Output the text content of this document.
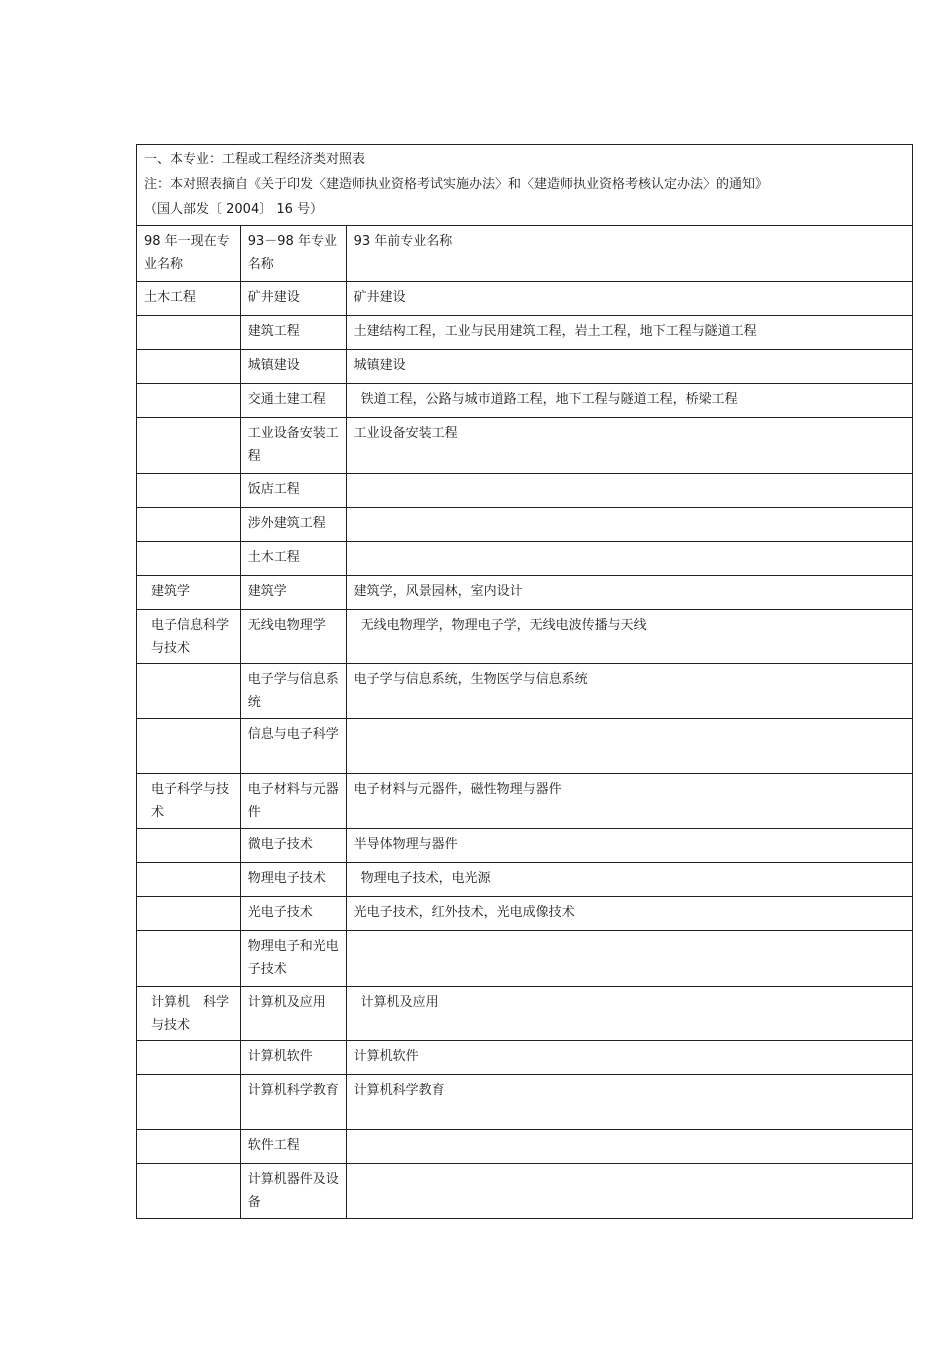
一、本专业：工程或工程经济类对照表
注：本对照表摘自《关于印发〈建造师执业资格考试实施办法〉和〈建造师执业资格考核认定办法〉的通知》
（国人部发〔 2004〕 16 号）		

98 年一现在专业名称	93－98 年专业名称	93 年前专业名称
土木工程	矿井建设	矿井建设
	建筑工程	土建结构工程，工业与民用建筑工程，岩土工程，地下工程与隧道工程
	城镇建设	城镇建设
	交通土建工程	铁道工程，公路与城市道路工程，地下工程与隧道工程，桥梁工程
	工业设备安装工程	工业设备安装工程
	饭店工程	
	涉外建筑工程	
	土木工程	
建筑学	建筑学	建筑学，风景园林，室内设计
电子信息科学与技术	无线电物理学	无线电物理学，物理电子学，无线电波传播与天线
	电子学与信息系统	电子学与信息系统，生物医学与信息系统
	信息与电子科学	
电子科学与技术	电子材料与元器件	电子材料与元器件，磁性物理与器件
	微电子技术	半导体物理与器件
	物理电子技术	物理电子技术，电光源
	光电子技术	光电子技术，红外技术，光电成像技术
	物理电子和光电子技术	
计算机　科学与技术	计算机及应用	计算机及应用
	计算机软件	计算机软件
	计算机科学教育	计算机科学教育
	软件工程	
	计算机器件及设备	
